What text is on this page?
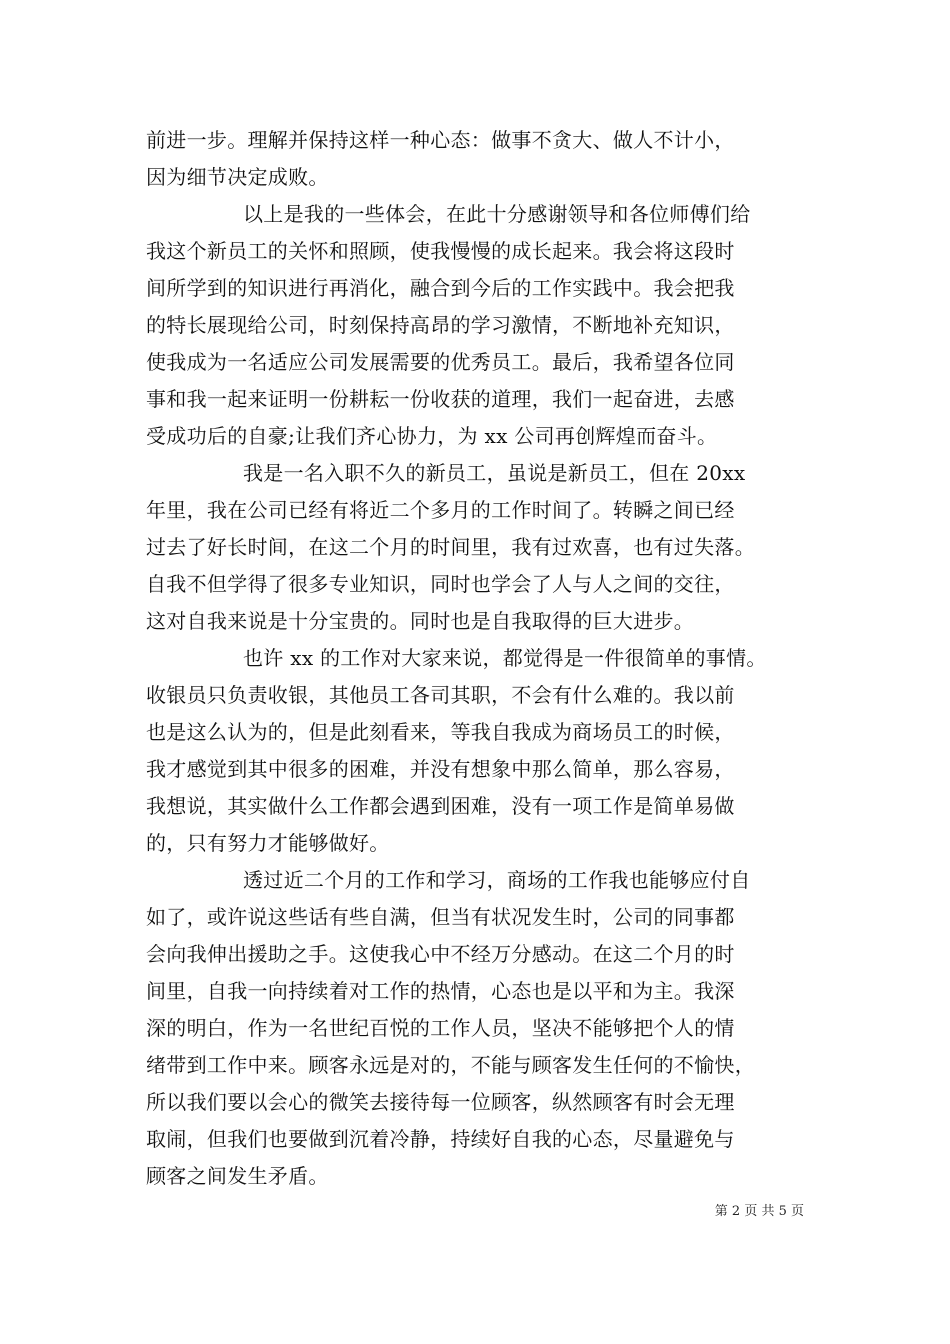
前进一步。理解并保持这样一种心态：做事不贪大、做人不计小，
因为细节决定成败。
以上是我的一些体会，在此十分感谢领导和各位师傅们给
我这个新员工的关怀和照顾，使我慢慢的成长起来。我会将这段时
间所学到的知识进行再消化，融合到今后的工作实践中。我会把我
的特长展现给公司，时刻保持高昂的学习激情，不断地补充知识，
使我成为一名适应公司发展需要的优秀员工。最后，我希望各位同
事和我一起来证明一份耕耘一份收获的道理，我们一起奋进，去感
受成功后的自豪;让我们齐心协力，为 xx 公司再创辉煌而奋斗。
我是一名入职不久的新员工，虽说是新员工，但在 20xx
年里，我在公司已经有将近二个多月的工作时间了。转瞬之间已经
过去了好长时间，在这二个月的时间里，我有过欢喜，也有过失落。
自我不但学得了很多专业知识，同时也学会了人与人之间的交往，
这对自我来说是十分宝贵的。同时也是自我取得的巨大进步。
也许 xx 的工作对大家来说，都觉得是一件很简单的事情。
收银员只负责收银，其他员工各司其职，不会有什么难的。我以前
也是这么认为的，但是此刻看来，等我自我成为商场员工的时候，
我才感觉到其中很多的困难，并没有想象中那么简单，那么容易，
我想说，其实做什么工作都会遇到困难，没有一项工作是简单易做
的，只有努力才能够做好。
透过近二个月的工作和学习，商场的工作我也能够应付自
如了，或许说这些话有些自满，但当有状况发生时，公司的同事都
会向我伸出援助之手。这使我心中不经万分感动。在这二个月的时
间里，自我一向持续着对工作的热情，心态也是以平和为主。我深
深的明白，作为一名世纪百悦的工作人员，坚决不能够把个人的情
绪带到工作中来。顾客永远是对的，不能与顾客发生任何的不愉快，
所以我们要以会心的微笑去接待每一位顾客，纵然顾客有时会无理
取闹，但我们也要做到沉着冷静，持续好自我的心态，尽量避免与
顾客之间发生矛盾。
第 2 页 共 5 页
